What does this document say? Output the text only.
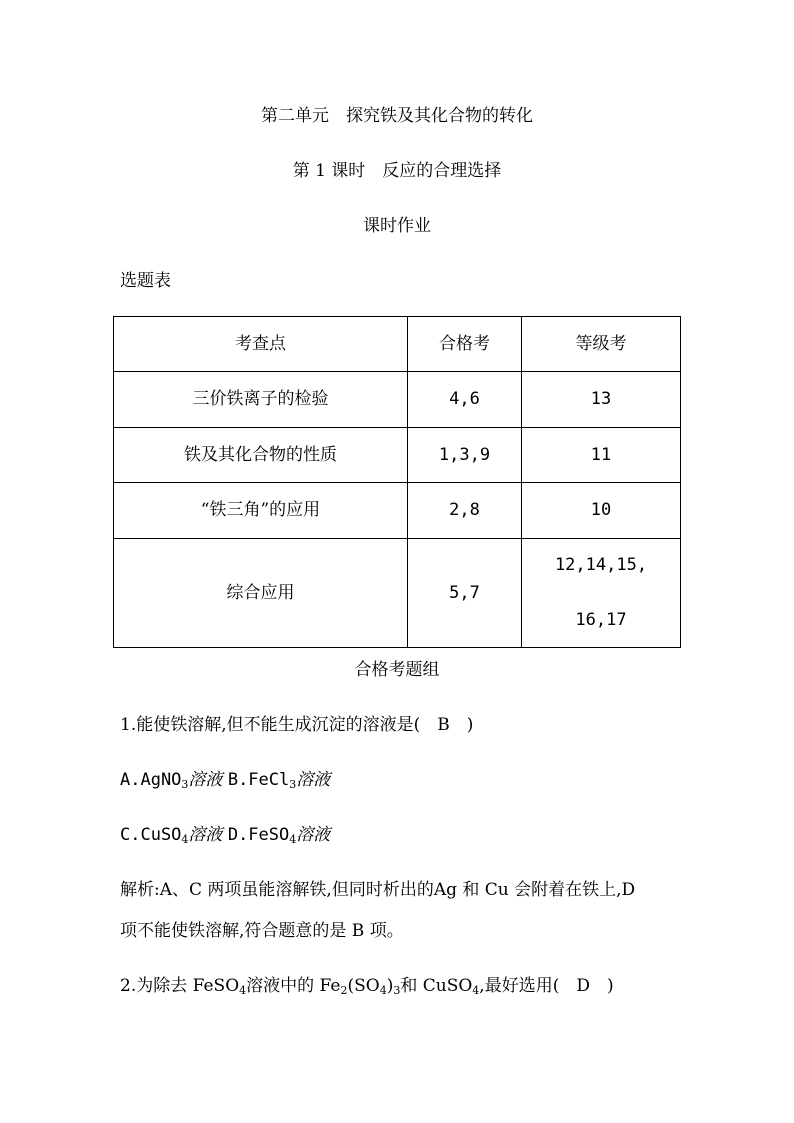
第二单元　探究铁及其化合物的转化
第 1 课时　反应的合理选择
课时作业
选题表
考查点	合格考	等级考
三价铁离子的检验	4,6	13
铁及其化合物的性质	1,3,9	11
“铁三角”的应用	2,8	10
综合应用	5,7	12,14,15,
16,17
合格考题组
1.能使铁溶解,但不能生成沉淀的溶液是(　B　)
A.AgNO$_3$溶液 B.FeCl$_3$溶液
C.CuSO$_4$溶液 D.FeSO$_4$溶液
解析:A、C 两项虽能溶解铁,但同时析出的Ag 和 Cu 会附着在铁上,D
项不能使铁溶解,符合题意的是 B 项。
2.为除去 FeSO$_4$溶液中的 $Fe_2(SO_4)_3$和 CuSO$_4$,最好选用(　D　)
